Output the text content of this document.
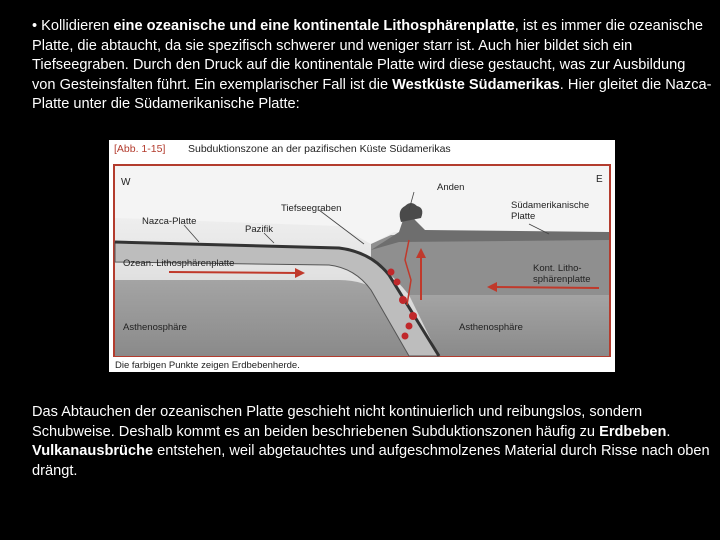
• Kollidieren eine ozeanische und eine kontinentale Lithosphärenplatte, ist es immer die ozeanische Platte, die abtaucht, da sie spezifisch schwerer und weniger starr ist. Auch hier bildet sich ein Tiefseegraben. Durch den Druck auf die kontinentale Platte wird diese gestaucht, was zur Ausbildung von Gesteinsfalten führt. Ein exemplarischer Fall ist die Westküste Südamerikas. Hier gleitet die Nazca-Platte unter die Südamerikanische Platte:

[Abb. 1-15] Subduktionszone an der pazifischen Küste Südamerikas
W	E
Anden
Tiefseegraben
Nazca-Platte
Pazifik
Südamerikanische
Platte
Ozean. Lithosphärenplatte	Kont. Litho-
sphärenplatte
Asthenosphäre	Asthenosphäre
Die farbigen Punkte zeigen Erdbebenherde.

Das Abtauchen der ozeanischen Platte geschieht nicht kontinuierlich und reibungslos, sondern Schubweise. Deshalb kommt es an beiden beschriebenen Subduktionszonen häufig zu Erdbeben. Vulkanausbrüche entstehen, weil abgetauchtes und aufgeschmolzenes Material durch Risse nach oben drängt.
